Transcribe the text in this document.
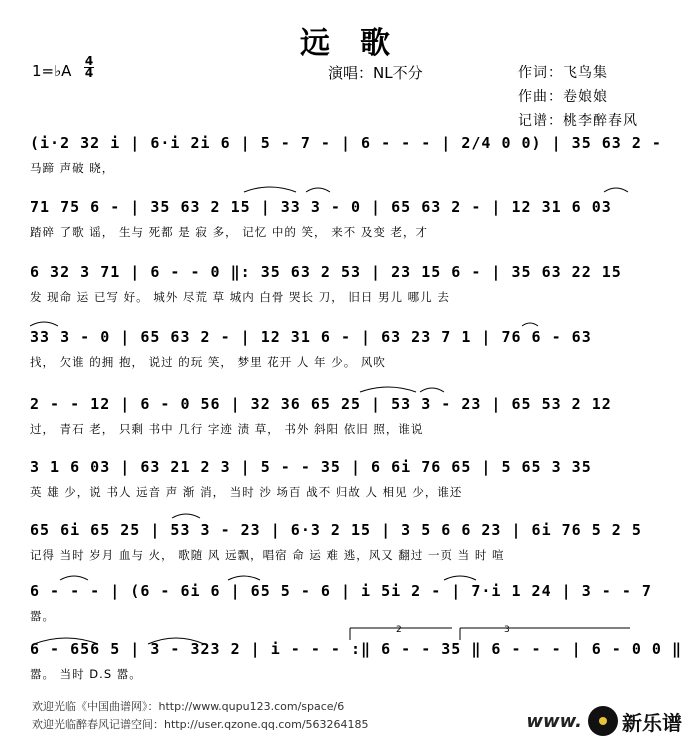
远歌
1=♭A
4
4	演唱：NL不分	作词：飞鸟集
作曲：卷娘娘
记谱：桃李醉春风
(i·2 32 i | 6·i 2i 6 | 5 - 7 - | 6 - - - | 2/4 0 0) | 35 63 2 -
马蹄 声破 晓，
71 75 6 - | 35 63 2 15 | 33 3 - 0 | 65 63 2 - | 12 31 6 03
踏碎 了歌 谣， 生与 死都 是 寂 多， 记忆 中的 笑， 来不 及变 老，才
6 32 3 71 | 6 - - 0 ‖: 35 63 2 53 | 23 15 6 - | 35 63 22 15
发 现命 运 已写 好。 城外 尽荒 草 城内 白骨 哭长 刀， 旧日 男儿 哪儿 去
33 3 - 0 | 65 63 2 - | 12 31 6 - | 63 23 7 1 | 76 6 - 63
找， 欠谁 的拥 抱， 说过 的玩 笑， 梦里 花开 人 年 少。 风吹
2 - - 12 | 6 - 0 56 | 32 36 65 25 | 53 3 - 23 | 65 53 2 12
过， 青石 老， 只剩 书中 几行 字迹 渍 草， 书外 斜阳 依旧 照，谁说
3 1 6 03 | 63 21 2 3 | 5 - - 35 | 6 6i 76 65 | 5 65 3 35
英 雄 少，说 书人 远音 声 渐 消， 当时 沙 场百 战不 归故 人 相见 少，谁还
65 6i 65 25 | 53 3 - 23 | 6·3 2 15 | 3 5 6 6 23 | 6i 76 5 2 5
记得 当时 岁月 血与 火， 歌随 风 远飘，唱宿 命 运 难 逃，风又 翻过 一页 当 时 喧
6 - - - | (6 - 6i 6 | 65 5 - 6 | i 5i 2 - | 7·i 1 24 | 3 - - 7
嚣。
6 - 656 5 | 3 - 323 2 | i - - - :‖ 6 - - 35 ‖ 6 - - - | 6 - 0 0 ‖
嚣。 当时 D.S 嚣。
2	3
欢迎光临《中国曲谱网》：http://www.qupu123.com/space/6
欢迎光临醉春风记谱空间：http://user.qzone.qq.com/563264185	www. 新乐谱
